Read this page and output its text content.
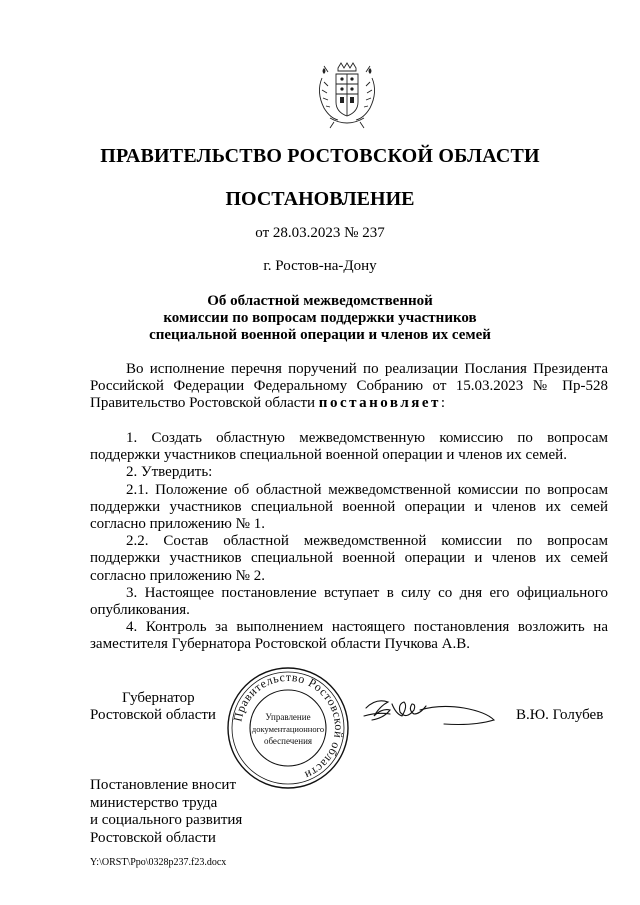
ПРАВИТЕЛЬСТВО РОСТОВСКОЙ ОБЛАСТИ
ПОСТАНОВЛЕНИЕ
от 28.03.2023 № 237
г. Ростов-на-Дону
Об областной межведомственной
комиссии по вопросам поддержки участников
специальной военной операции и членов их семей

Во исполнение перечня поручений по реализации Послания Президента Российской Федерации Федеральному Собранию от 15.03.2023 № Пр-528 Правительство Ростовской области постановляет:

1. Создать областную межведомственную комиссию по вопросам поддержки участников специальной военной операции и членов их семей.

2. Утвердить:

2.1. Положение об областной межведомственной комиссии по вопросам поддержки участников специальной военной операции и членов их семей согласно приложению № 1.

2.2. Состав областной межведомственной комиссии по вопросам поддержки участников специальной военной операции и членов их семей согласно приложению № 2.

3. Настоящее постановление вступает в силу со дня его официального опубликования.

4. Контроль за выполнением настоящего постановления возложить на заместителя Губернатора Ростовской области Пучкова А.В.

Губернатор
Ростовской области Правительство Ростовской области
Управление
документационного
обеспечения
В.Ю. Голубев
Постановление вносит
министерство труда
и социального развития
Ростовской области
Y:\ORST\Ppo\0328p237.f23.docx
